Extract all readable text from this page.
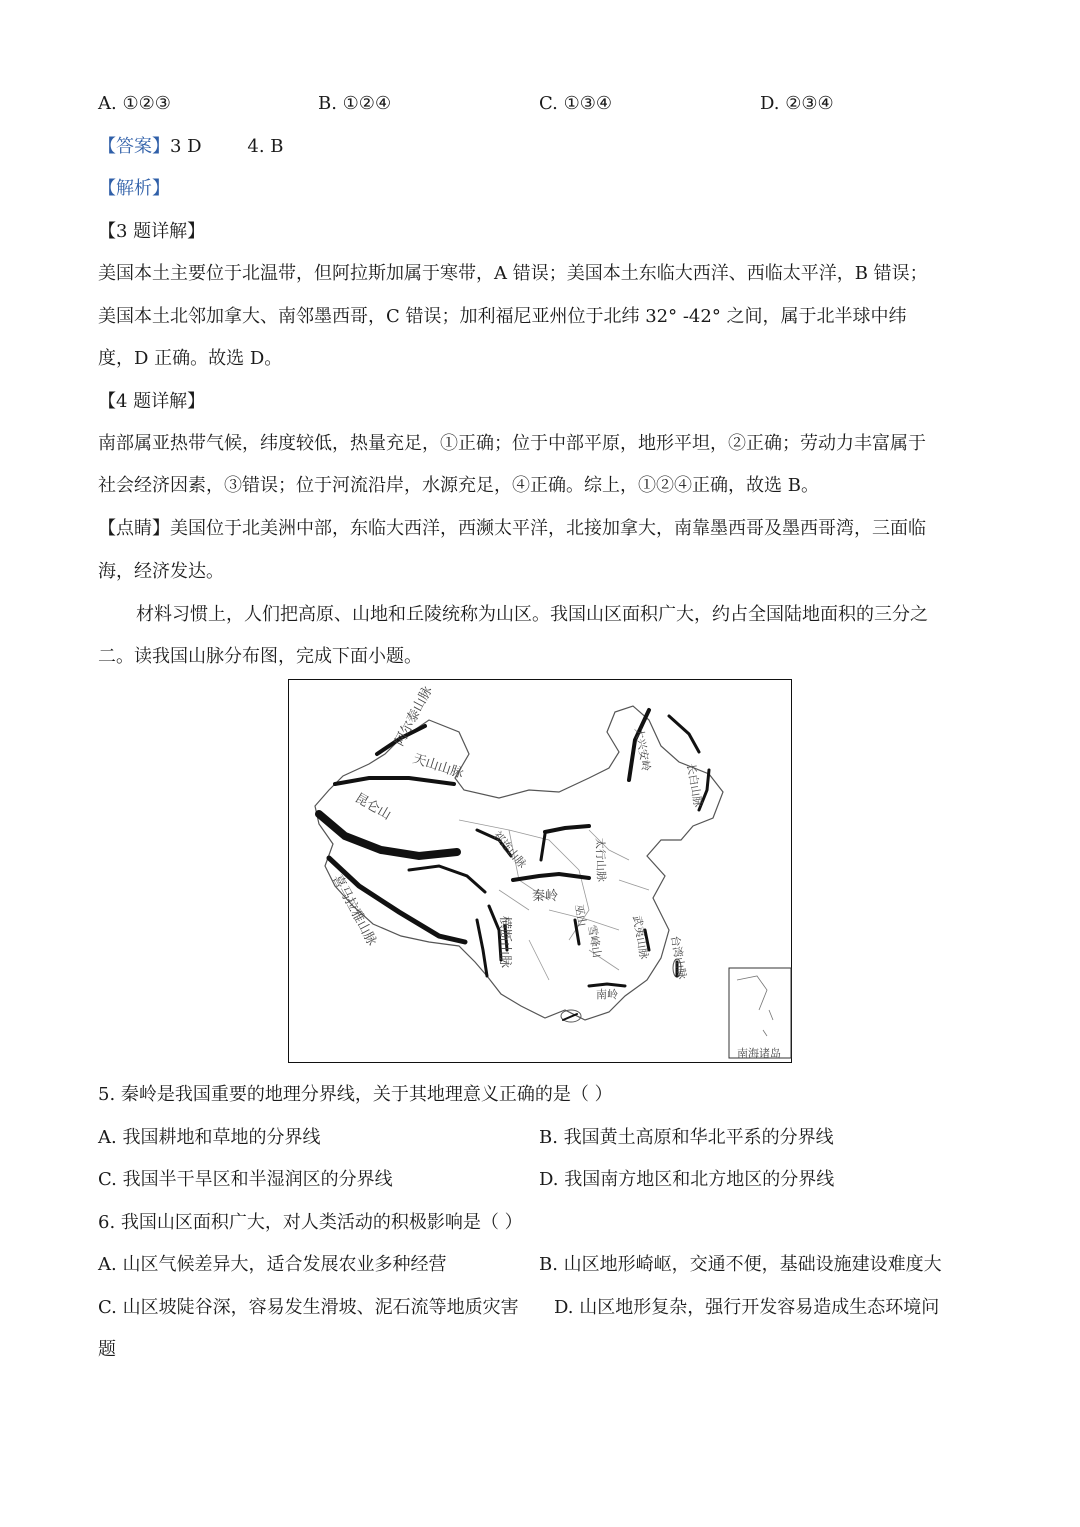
A. ①②③	B. ①②④	C. ①③④	D. ②③④
【答案】3 D        4. B
【解析】
【3 题详解】
美国本土主要位于北温带，但阿拉斯加属于寒带，A 错误；美国本土东临大西洋、西临太平洋，B 错误；
美国本土北邻加拿大、南邻墨西哥，C 错误；加利福尼亚州位于北纬 32° -42° 之间，属于北半球中纬
度，D 正确。故选 D。
【4 题详解】
南部属亚热带气候，纬度较低，热量充足，①正确；位于中部平原，地形平坦，②正确；劳动力丰富属于
社会经济因素，③错误；位于河流沿岸，水源充足，④正确。综上，①②④正确，故选 B。
【点睛】美国位于北美洲中部，东临大西洋，西濒太平洋，北接加拿大，南靠墨西哥及墨西哥湾，三面临
海，经济发达。
材料习惯上，人们把高原、山地和丘陵统称为山区。我国山区面积广大，约占全国陆地面积的三分之
二。读我国山脉分布图，完成下面小题。
南海诸岛
阿尔泰山脉
天山山脉
昆仑山
喜马拉雅山脉
祁连山脉
大兴安岭
长白山脉
太行山脉
秦岭
横断山脉
巫山
雪峰山 武夷山脉
南岭
台湾山脉
5. 秦岭是我国重要的地理分界线，关于其地理意义正确的是（ ）
A. 我国耕地和草地的分界线	B. 我国黄土高原和华北平系的分界线
C. 我国半干旱区和半湿润区的分界线	D. 我国南方地区和北方地区的分界线
6. 我国山区面积广大，对人类活动的积极影响是（ ）
A. 山区气候差异大，适合发展农业多种经营	B. 山区地形崎岖，交通不便，基础设施建设难度大
C. 山区坡陡谷深，容易发生滑坡、泥石流等地质灾害 D. 山区地形复杂，强行开发容易造成生态环境问
题
